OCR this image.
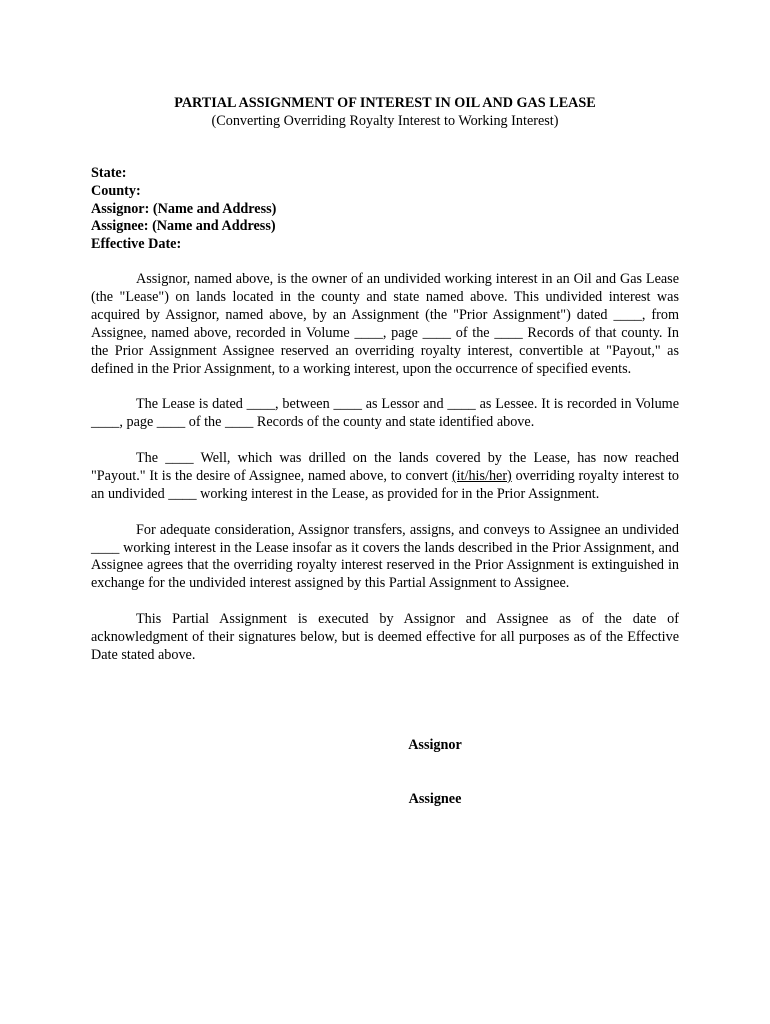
PARTIAL ASSIGNMENT OF INTEREST IN OIL AND GAS LEASE
(Converting Overriding Royalty Interest to Working Interest)
State:
County:
Assignor: (Name and Address)
Assignee: (Name and Address)
Effective Date:

Assignor, named above, is the owner of an undivided working interest in an Oil and Gas Lease (the "Lease") on lands located in the county and state named above. This undivided interest was acquired by Assignor, named above, by an Assignment (the "Prior Assignment") dated ____, from Assignee, named above, recorded in Volume ____, page ____ of the ____ Records of that county. In the Prior Assignment Assignee reserved an overriding royalty interest, convertible at "Payout," as defined in the Prior Assignment, to a working interest, upon the occurrence of specified events.

The Lease is dated ____, between ____ as Lessor and ____ as Lessee. It is recorded in Volume ____, page ____ of the ____ Records of the county and state identified above.

The ____ Well, which was drilled on the lands covered by the Lease, has now reached "Payout." It is the desire of Assignee, named above, to convert (it/his/her) overriding royalty interest to an undivided ____ working interest in the Lease, as provided for in the Prior Assignment.

For adequate consideration, Assignor transfers, assigns, and conveys to Assignee an undivided ____ working interest in the Lease insofar as it covers the lands described in the Prior Assignment, and Assignee agrees that the overriding royalty interest reserved in the Prior Assignment is extinguished in exchange for the undivided interest assigned by this Partial Assignment to Assignee.

This Partial Assignment is executed by Assignor and Assignee as of the date of acknowledgment of their signatures below, but is deemed effective for all purposes as of the Effective Date stated above.

Assignor
Assignee
